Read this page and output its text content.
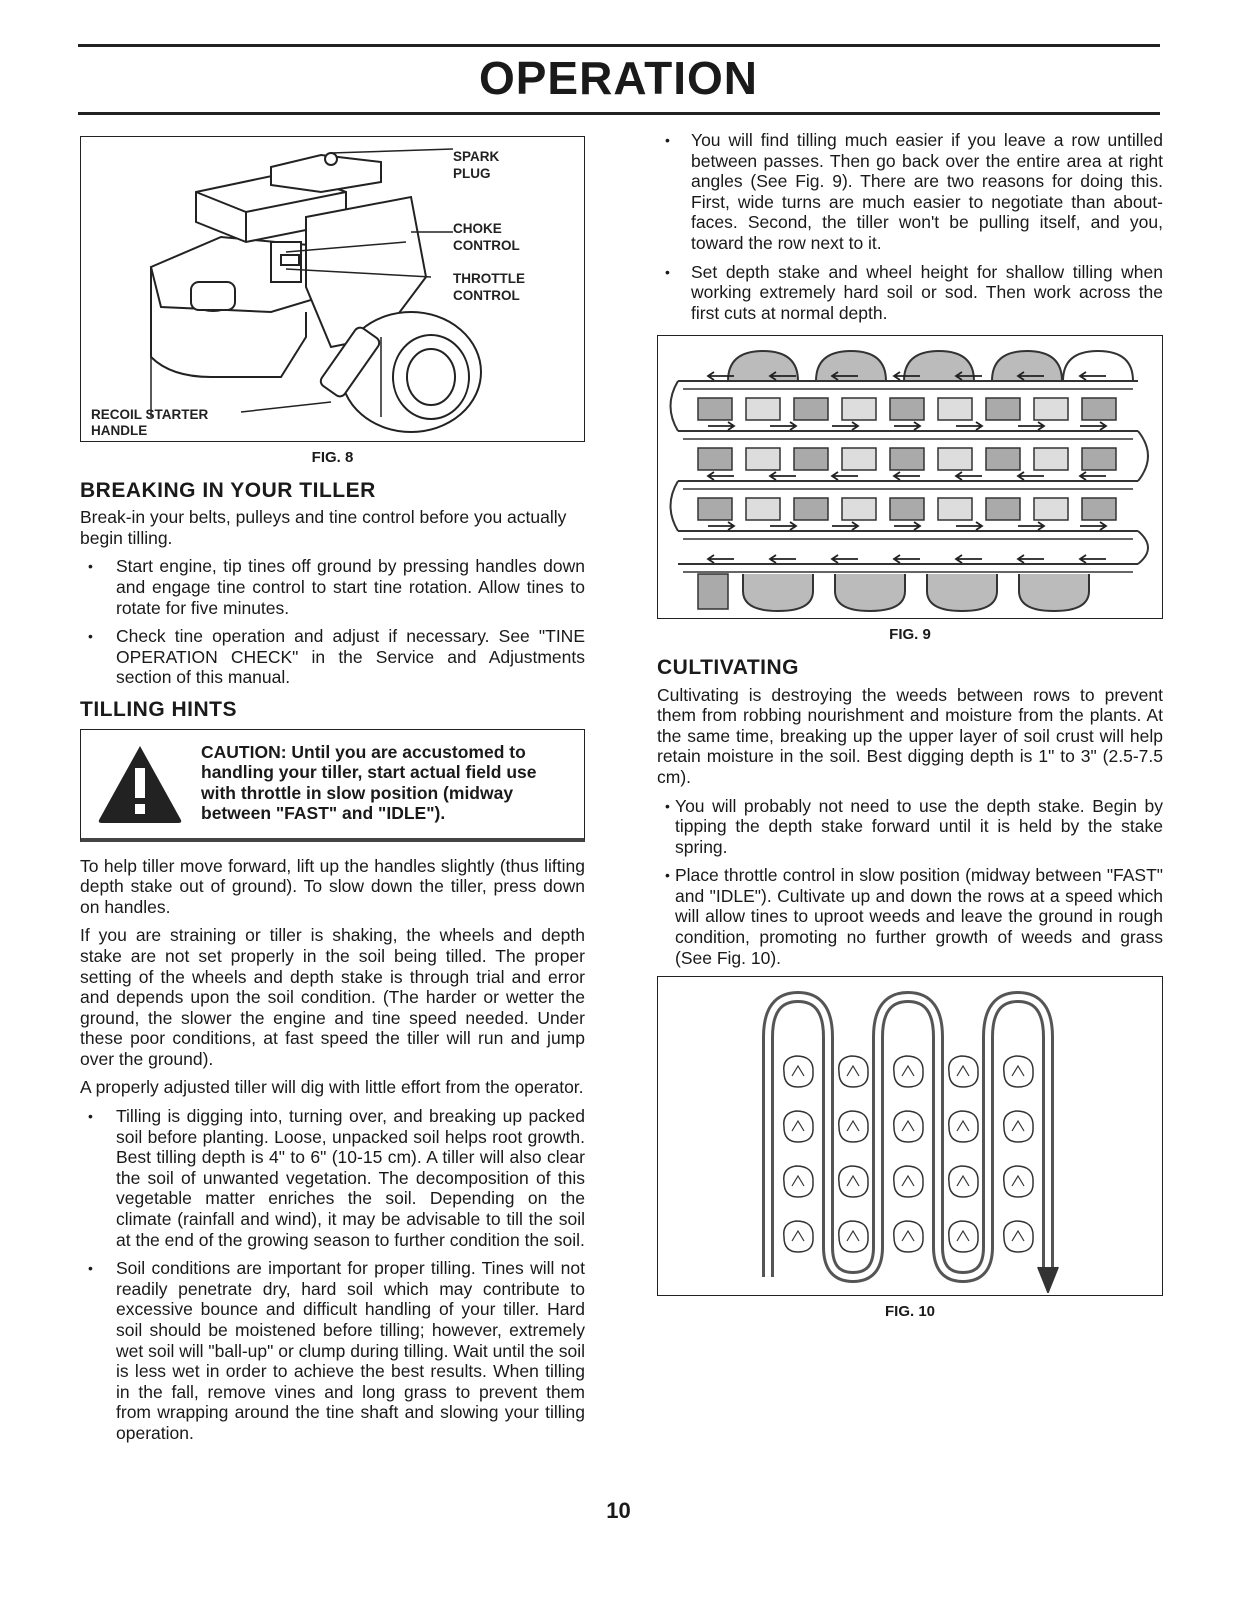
OPERATION
SPARK
PLUG
CHOKE
CONTROL
THROTTLE
CONTROL
RECOIL STARTER
HANDLE
FIG. 8
BREAKING IN YOUR TILLER

Break-in your belts, pulleys and tine control before you actually begin tilling.

• Start engine, tip tines off ground by pressing handles down and engage tine control to start tine rotation. Allow tines to rotate for five minutes.
• Check tine operation and adjust if necessary. See "TINE OPERATION CHECK" in the Service and Adjustments section of this manual.
TILLING HINTS
CAUTION: Until you are accustomed to handling your tiller, start actual field use with throttle in slow position (midway between "FAST" and "IDLE").

To help tiller move forward, lift up the handles slightly (thus lifting depth stake out of ground). To slow down the tiller, press down on handles.

If you are straining or tiller is shaking, the wheels and depth stake are not set properly in the soil being tilled. The proper setting of the wheels and depth stake is through trial and error and depends upon the soil condition. (The harder or wetter the ground, the slower the engine and tine speed needed. Under these poor conditions, at fast speed the tiller will run and jump over the ground).

A properly adjusted tiller will dig with little effort from the operator.

• Tilling is digging into, turning over, and breaking up packed soil before planting. Loose, unpacked soil helps root growth. Best tilling depth is 4" to 6" (10-15 cm). A tiller will also clear the soil of unwanted vegetation. The decomposition of this vegetable matter enriches the soil. Depending on the climate (rainfall and wind), it may be advisable to till the soil at the end of the growing season to further condition the soil.
• Soil conditions are important for proper tilling. Tines will not readily penetrate dry, hard soil which may contribute to excessive bounce and difficult handling of your tiller. Hard soil should be moistened before tilling; however, extremely wet soil will "ball-up" or clump during tilling. Wait until the soil is less wet in order to achieve the best results. When tilling in the fall, remove vines and long grass to prevent them from wrapping around the tine shaft and slowing your tilling operation.
• You will find tilling much easier if you leave a row untilled between passes. Then go back over the entire area at right angles (See Fig. 9). There are two reasons for doing this. First, wide turns are much easier to negotiate than about-faces. Second, the tiller won't be pulling itself, and you, toward the row next to it.
• Set depth stake and wheel height for shallow tilling when working extremely hard soil or sod. Then work across the first cuts at normal depth.
FIG. 9
CULTIVATING

Cultivating is destroying the weeds between rows to prevent them from robbing nourishment and moisture from the plants. At the same time, breaking up the upper layer of soil crust will help retain moisture in the soil. Best digging depth is 1" to 3" (2.5-7.5 cm).

• You will probably not need to use the depth stake. Begin by tipping the depth stake forward until it is held by the stake spring.
• Place throttle control in slow position (midway between "FAST" and "IDLE"). Cultivate up and down the rows at a speed which will allow tines to uproot weeds and leave the ground in rough condition, promoting no further growth of weeds and grass (See Fig. 10).
FIG. 10
10
